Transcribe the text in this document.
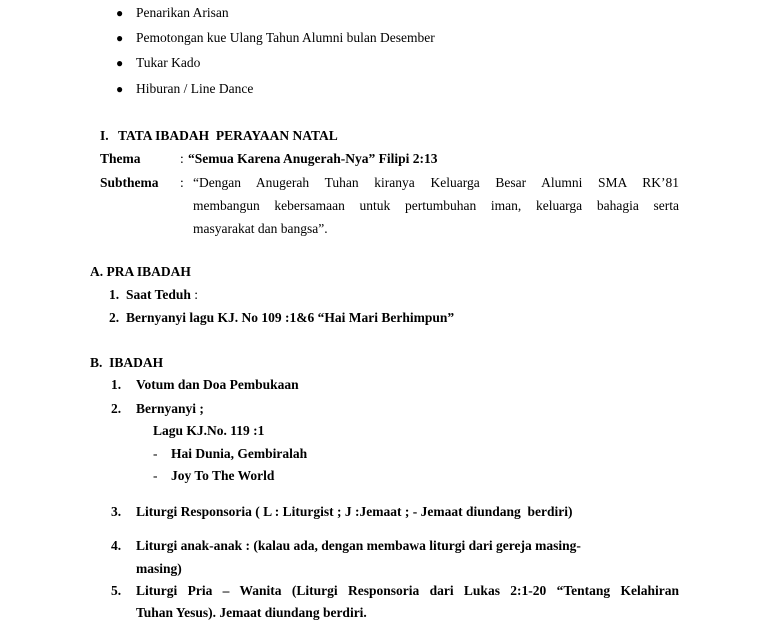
● Penarikan Arisan
● Pemotongan kue Ulang Tahun Alumni bulan Desember
● Tukar Kado
● Hiburan / Line Dance
I. TATA IBADAH  PERAYAAN NATAL
Thema	: “Semua Karena Anugerah-Nya” Filipi 2:13
Subthema : “Dengan Anugerah Tuhan kiranya Keluarga Besar Alumni SMA RK’81
membangun kebersamaan untuk pertumbuhan iman, keluarga bahagia serta
masyarakat dan bangsa”.
A. PRA IBADAH
1. Saat Teduh :
2. Bernyanyi lagu KJ. No 109 :1&6 “Hai Mari Berhimpun”
B.  IBADAH
1. Votum dan Doa Pembukaan
2. Bernyanyi ;
Lagu KJ.No. 119 :1
- Hai Dunia, Gembiralah
- Joy To The World
3. Liturgi Responsoria ( L : Liturgist ; J :Jemaat ; - Jemaat diundang  berdiri)
4. Liturgi anak-anak : (kalau ada, dengan membawa liturgi dari gereja masing-
masing)
5. Liturgi Pria – Wanita (Liturgi Responsoria dari Lukas 2:1-20 “Tentang Kelahiran
Tuhan Yesus). Jemaat diundang berdiri.
